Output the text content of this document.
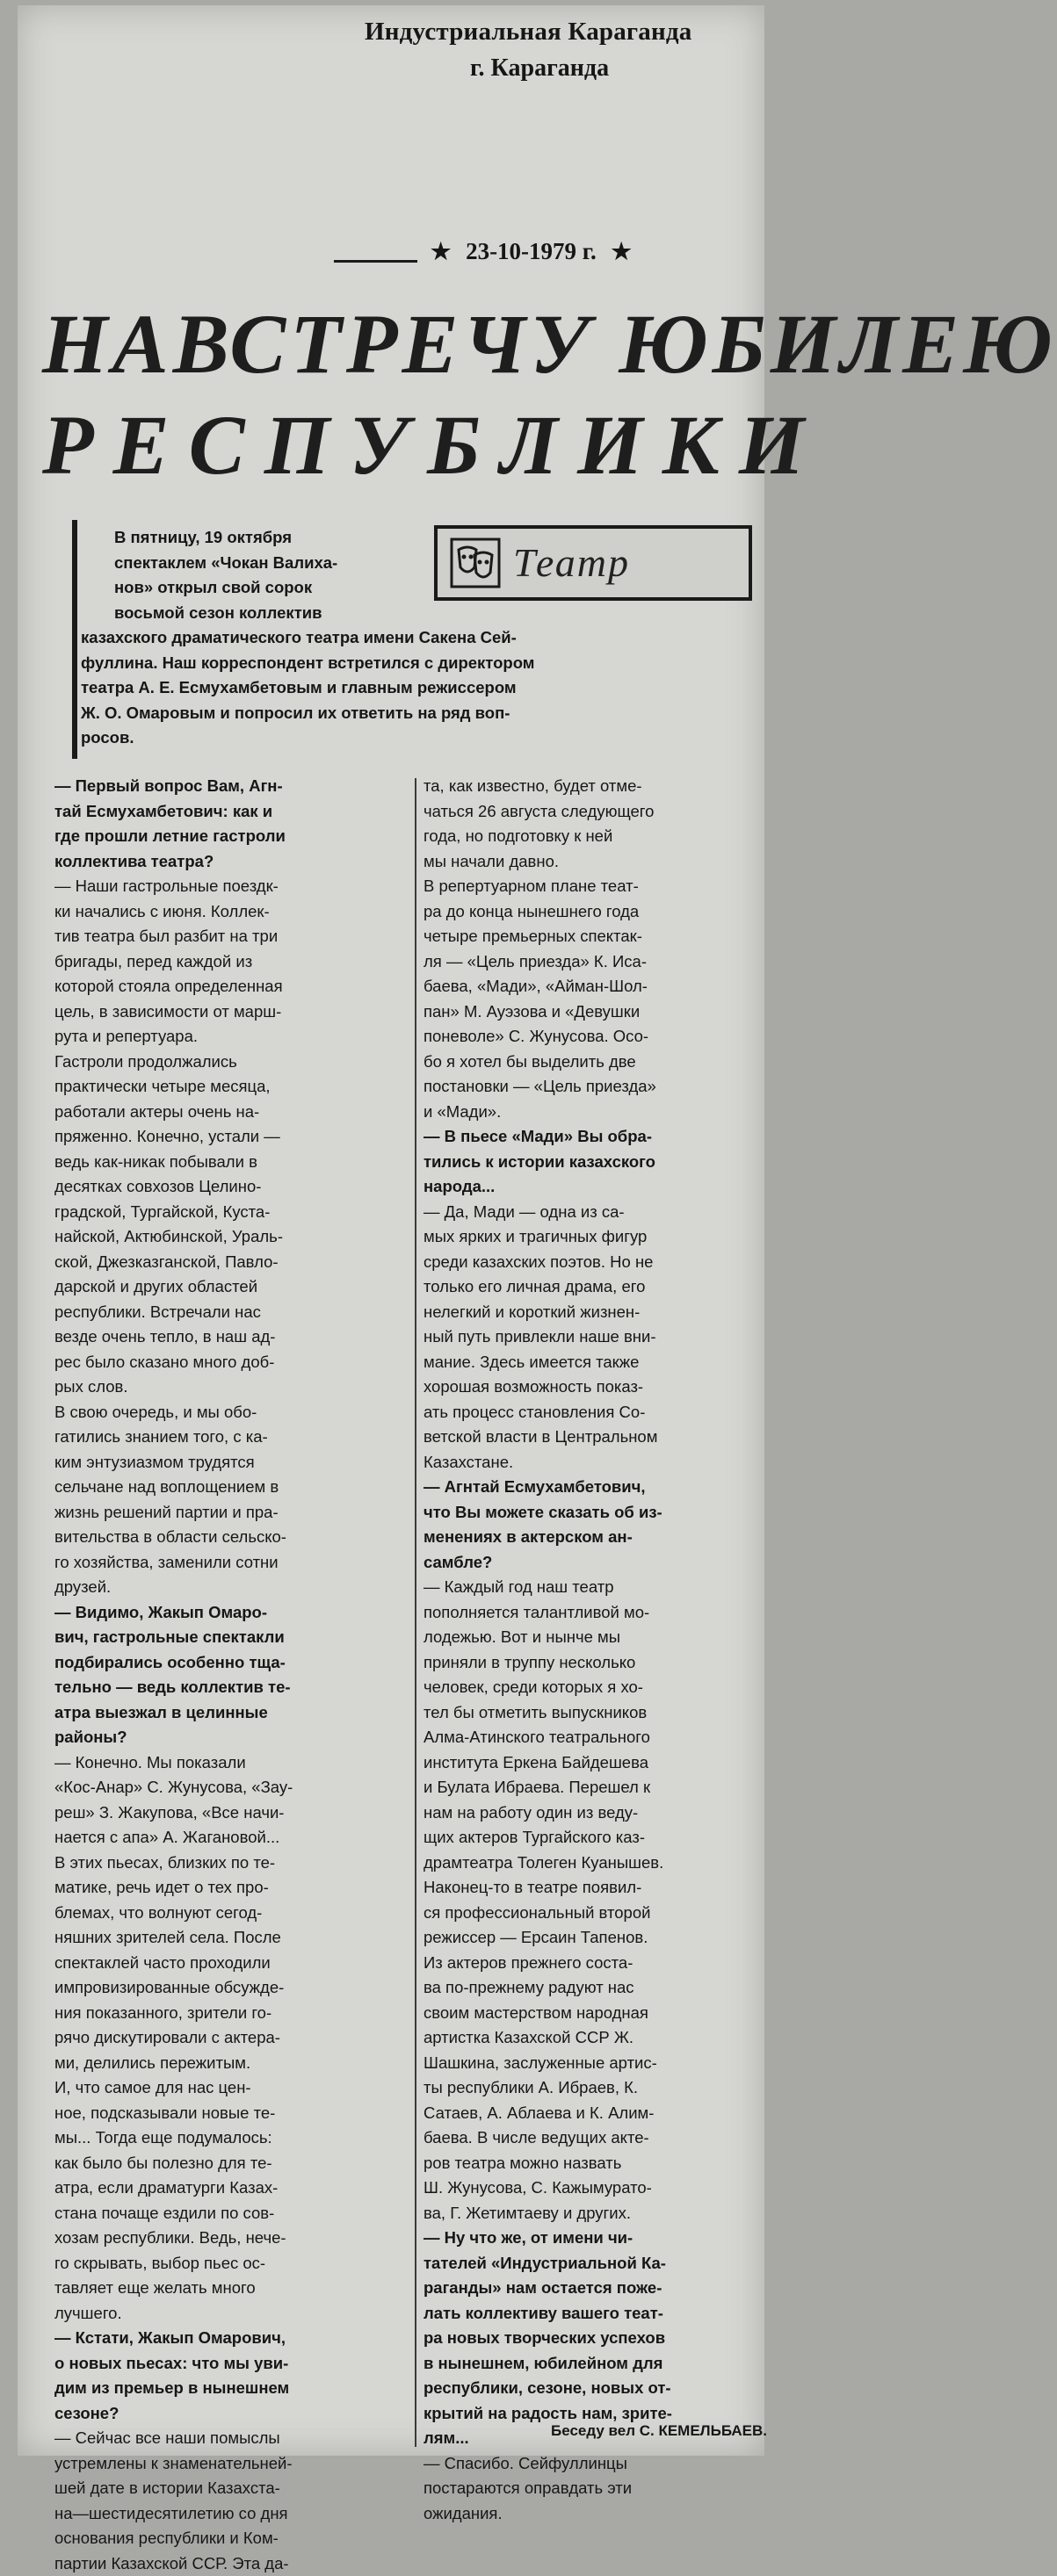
Индустриальная Караганда
г. Караганда
★ 23-10-1979 г. ★
НАВСТРЕЧУ ЮБИЛЕЮ
РЕСПУБЛИКИ
В пятницу, 19 октября
спектаклем «Чокан Валиха-
нов» открыл свой сорок
восьмой сезон коллектив
казахского драматического театра имени Сакена Сей-
фуллина. Наш корреспондент встретился с директором
театра А. Е. Есмухамбетовым и главным режиссером
Ж. О. Омаровым и попросил их ответить на ряд воп-
росов.
Театр
— Первый вопрос Вам, Агн-
тай Есмухамбетович: как и
где прошли летние гастроли
коллектива театра?
— Наши гастрольные поездк-
ки начались с июня. Коллек-
тив театра был разбит на три
бригады, перед каждой из
которой стояла определенная
цель, в зависимости от марш-
рута и репертуара.
Гастроли продолжались
практически четыре месяца,
работали актеры очень на-
пряженно. Конечно, устали —
ведь как-никак побывали в
десятках совхозов Целино-
градской, Тургайской, Куста-
найской, Актюбинской, Ураль-
ской, Джезказганской, Павло-
дарской и других областей
республики. Встречали нас
везде очень тепло, в наш ад-
рес было сказано много доб-
рых слов.
В свою очередь, и мы обо-
гатились знанием того, с ка-
ким энтузиазмом трудятся
сельчане над воплощением в
жизнь решений партии и пра-
вительства в области сельско-
го хозяйства, заменили сотни
друзей.
— Видимо, Жакып Омаро-
вич, гастрольные спектакли
подбирались особенно тща-
тельно — ведь коллектив те-
атра выезжал в целинные
районы?
— Конечно. Мы показали
«Кос-Анар» С. Жунусова, «Зау-
реш» З. Жакупова, «Все начи-
нается с апа» А. Жагановой...
В этих пьесах, близких по те-
матике, речь идет о тех про-
блемах, что волнуют сегод-
няшних зрителей села. После
спектаклей часто проходили
импровизированные обсужде-
ния показанного, зрители го-
рячо дискутировали с актера-
ми, делились пережитым.
И, что самое для нас цен-
ное, подсказывали новые те-
мы... Тогда еще подумалось:
как было бы полезно для те-
атра, если драматурги Казах-
стана почаще ездили по сов-
хозам республики. Ведь, нече-
го скрывать, выбор пьес ос-
тавляет еще желать много
лучшего.
— Кстати, Жакып Омарович,
о новых пьесах: что мы уви-
дим из премьер в нынешнем
сезоне?
— Сейчас все наши помыслы
устремлены к знаменательней-
шей дате в истории Казахста-
на—шестидесятилетию со дня
основания республики и Ком-
партии Казахской ССР. Эта да-
та, как известно, будет отме-
чаться 26 августа следующего
года, но подготовку к ней
мы начали давно.
В репертуарном плане теат-
ра до конца нынешнего года
четыре премьерных спектак-
ля — «Цель приезда» К. Иса-
баева, «Мади», «Айман-Шол-
пан» М. Ауэзова и «Девушки
поневоле» С. Жунусова. Осо-
бо я хотел бы выделить две
постановки — «Цель приезда»
и «Мади».
— В пьесе «Мади» Вы обра-
тились к истории казахского
народа...
— Да, Мади — одна из са-
мых ярких и трагичных фигур
среди казахских поэтов. Но не
только его личная драма, его
нелегкий и короткий жизнен-
ный путь привлекли наше вни-
мание. Здесь имеется также
хорошая возможность показ-
ать процесс становления Со-
ветской власти в Центральном
Казахстане.
— Агнтай Есмухамбетович,
что Вы можете сказать об из-
менениях в актерском ан-
самбле?
— Каждый год наш театр
пополняется талантливой мо-
лодежью. Вот и нынче мы
приняли в труппу несколько
человек, среди которых я хо-
тел бы отметить выпускников
Алма-Атинского театрального
института Еркена Байдешева
и Булата Ибраева. Перешел к
нам на работу один из веду-
щих актеров Тургайского каз-
драмтеатра Толеген Куанышев.
Наконец-то в театре появил-
ся профессиональный второй
режиссер — Ерсаин Тапенов.
Из актеров прежнего соста-
ва по-прежнему радуют нас
своим мастерством народная
артистка Казахской ССР Ж.
Шашкина, заслуженные артис-
ты республики А. Ибраев, К.
Сатаев, А. Аблаева и К. Алим-
баева. В числе ведущих акте-
ров театра можно назвать
Ш. Жунусова, С. Кажымурато-
ва, Г. Жетимтаеву и других.
— Ну что же, от имени чи-
тателей «Индустриальной Ка-
раганды» нам остается поже-
лать коллективу вашего теат-
ра новых творческих успехов
в нынешнем, юбилейном для
республики, сезоне, новых от-
крытий на радость нам, зрите-
лям...
— Спасибо. Сейфуллинцы
постараются оправдать эти
ожидания.
Беседу вел С. КЕМЕЛЬБАЕВ.
